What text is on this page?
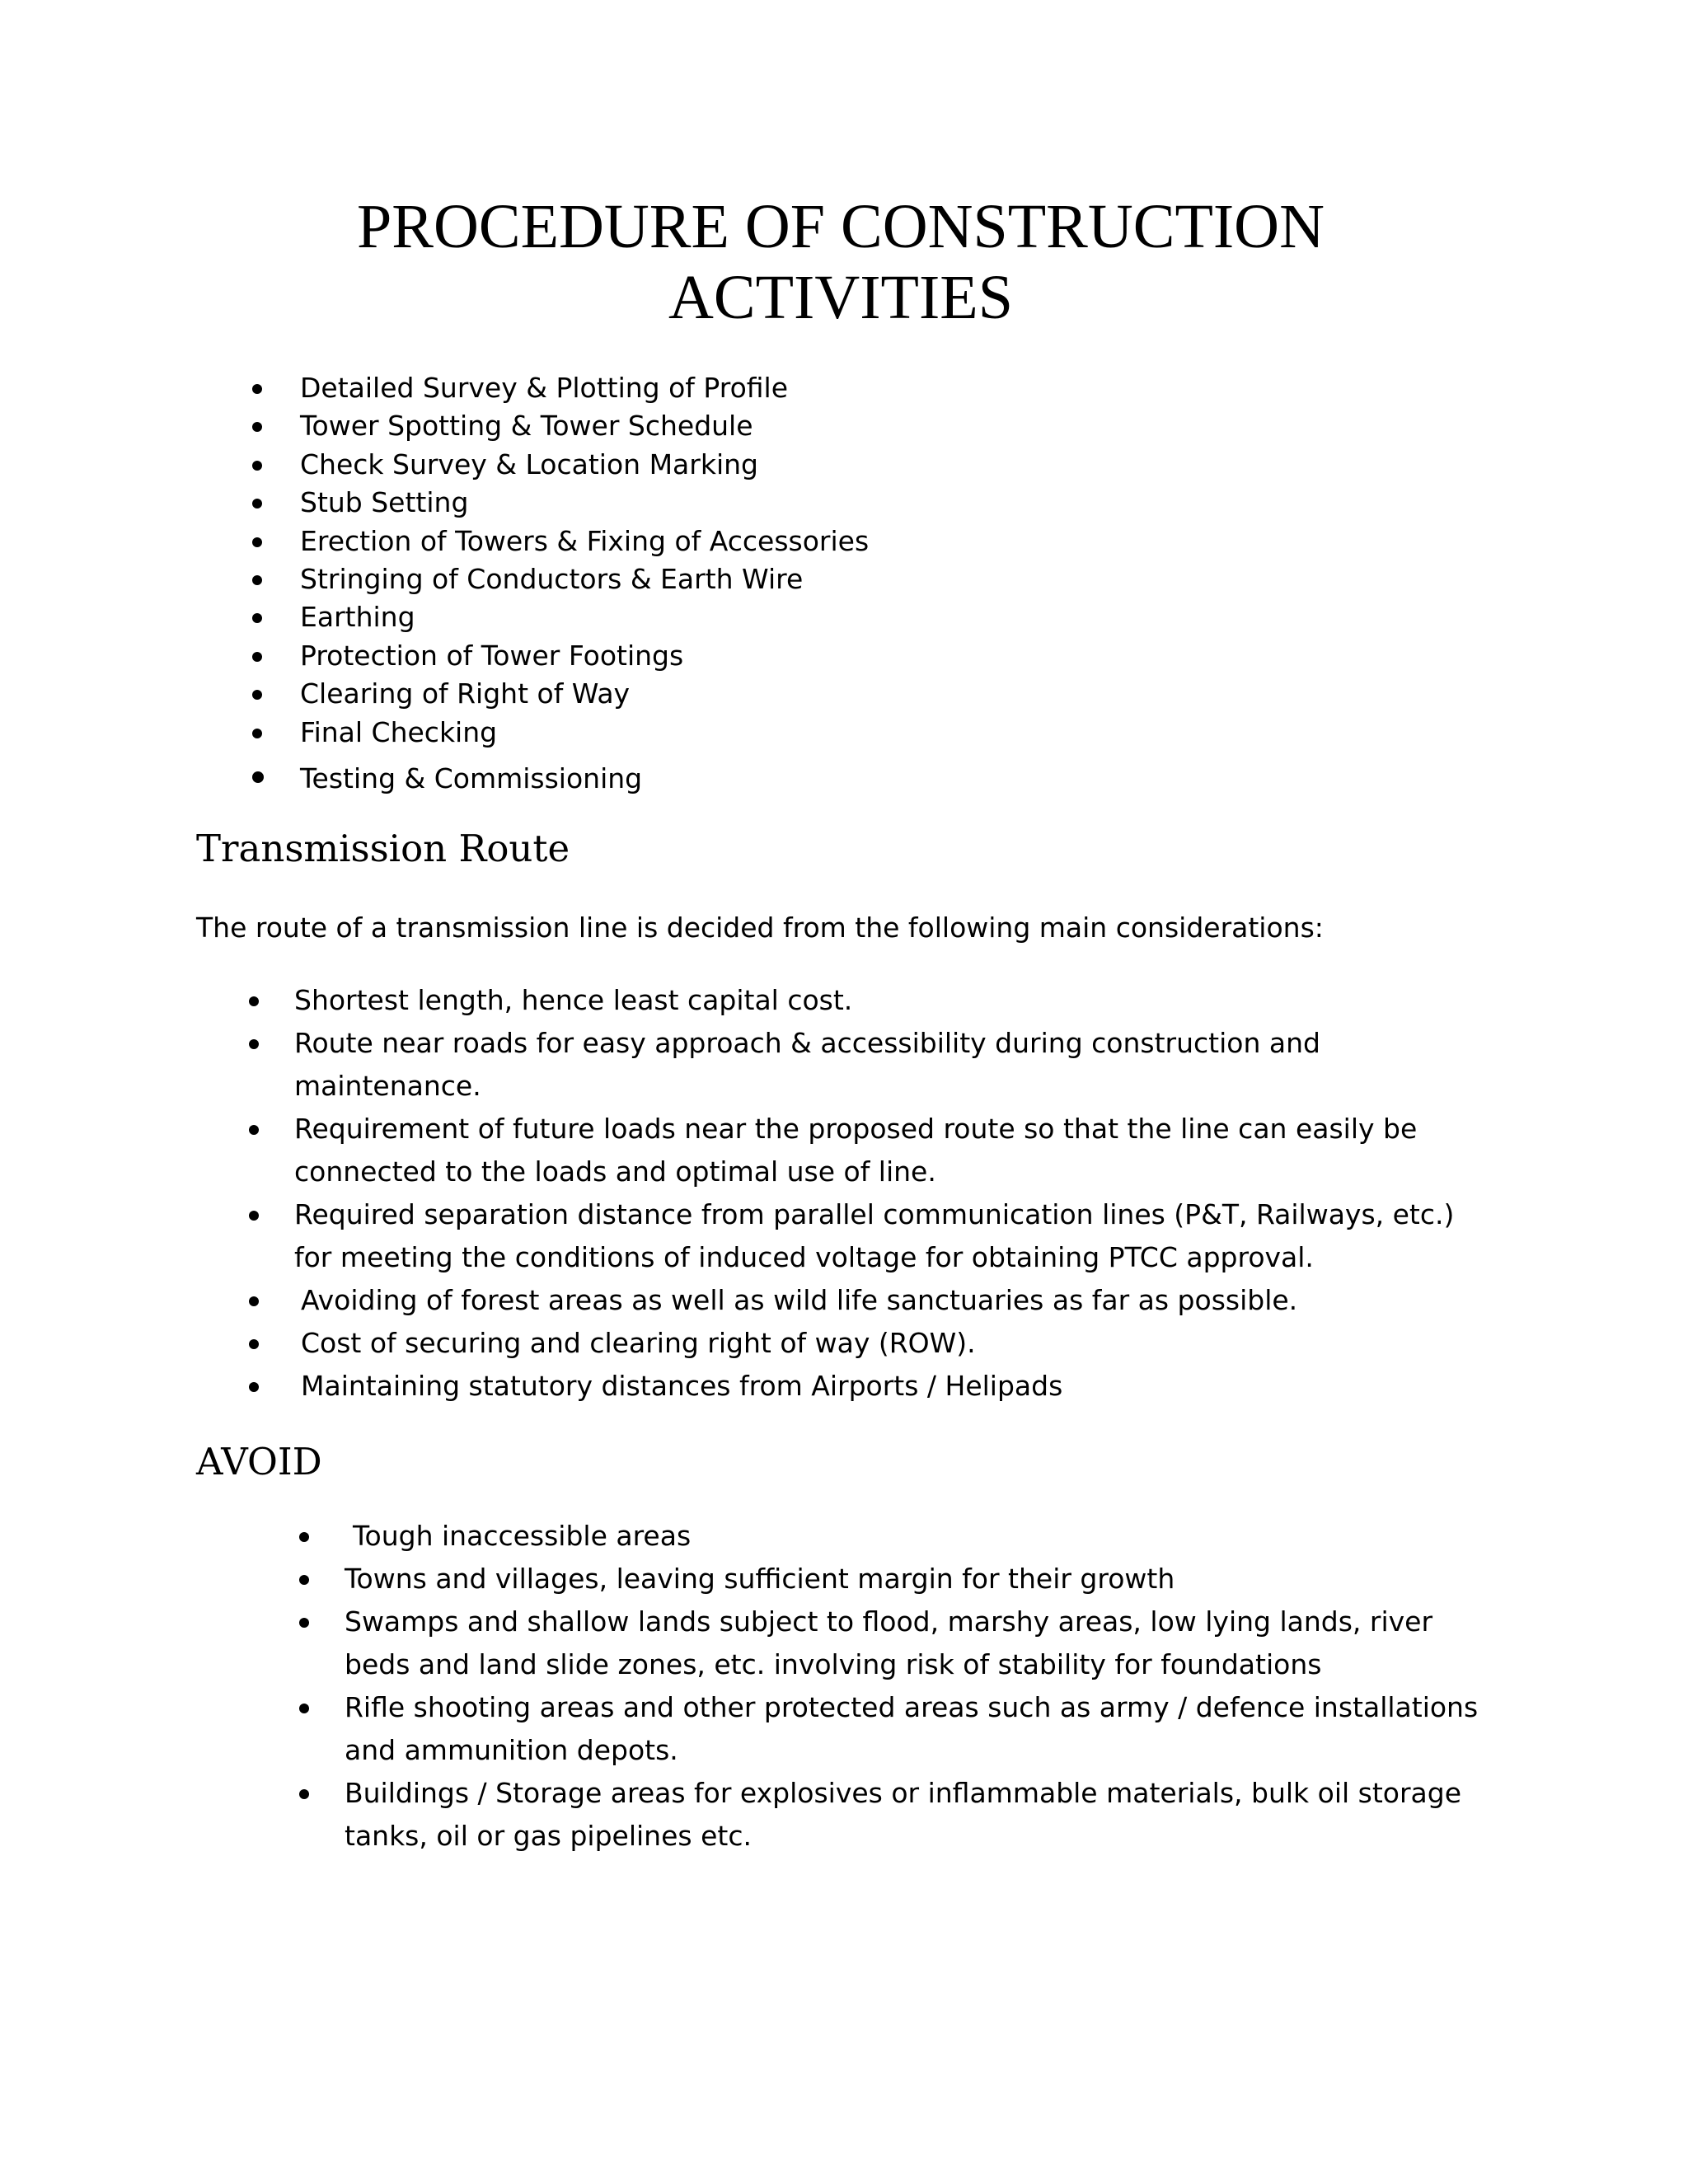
PROCEDURE OF CONSTRUCTION
ACTIVITIES
Detailed Survey & Plotting of Profile
Tower Spotting & Tower Schedule
Check Survey & Location Marking
Stub Setting
Erection of Towers & Fixing of Accessories
Stringing of Conductors & Earth Wire
Earthing
Protection of Tower Footings
Clearing of Right of Way
Final Checking
Testing & Commissioning
Transmission Route

The route of a transmission line is decided from the following main considerations:

Shortest length, hence least capital cost.
Route near roads for easy approach & accessibility during construction and maintenance.
Requirement of future loads near the proposed route so that the line can easily be connected to the loads and optimal use of line.
Required separation distance from parallel communication lines (P&T, Railways, etc.) for meeting the conditions of induced voltage for obtaining PTCC approval.
Avoiding of forest areas as well as wild life sanctuaries as far as possible.
Cost of securing and clearing right of way (ROW).
Maintaining statutory distances from Airports / Helipads
AVOID
Tough inaccessible areas
Towns and villages, leaving sufficient margin for their growth
Swamps and shallow lands subject to flood, marshy areas, low lying lands, river beds and land slide zones, etc. involving risk of stability for foundations
Rifle shooting areas and other protected areas such as army / defence installations and ammunition depots.
Buildings / Storage areas for explosives or inflammable materials, bulk oil storage tanks, oil or gas pipelines etc.
